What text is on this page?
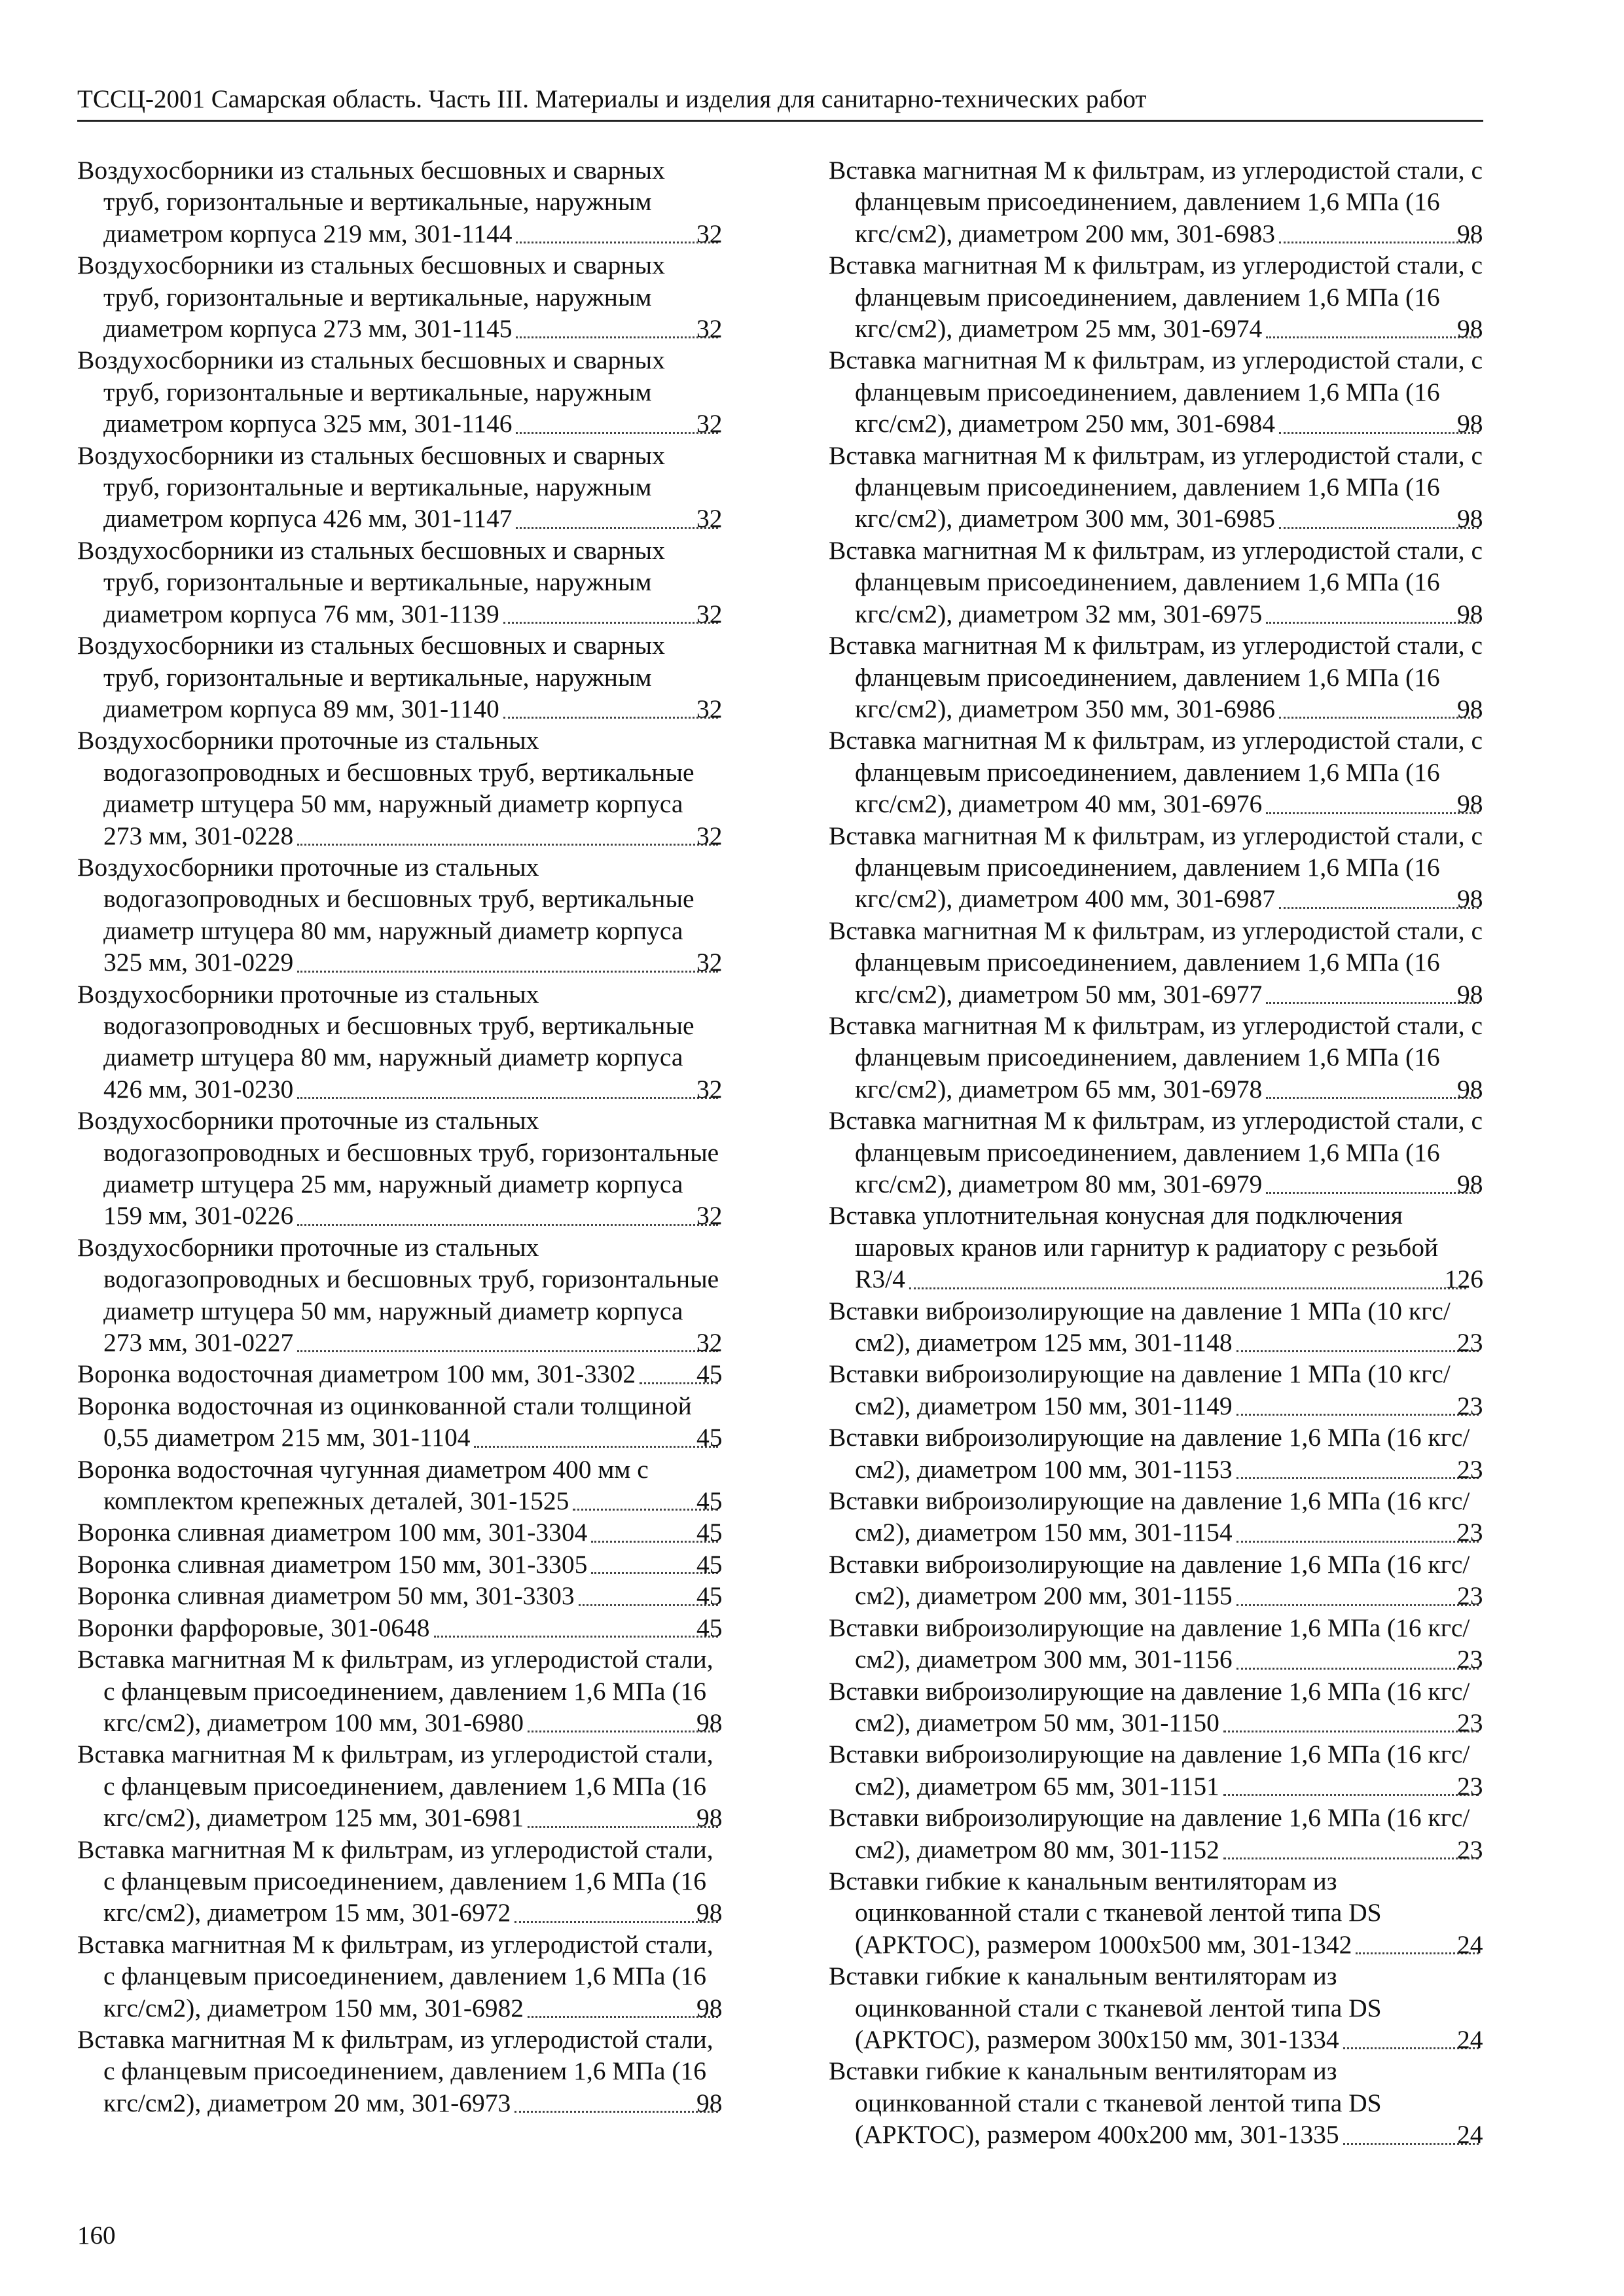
ТССЦ-2001 Самарская область. Часть III. Материалы и изделия для санитарно-технических работ

Воздухосборники из стальных бесшовных и сварных труб, горизонтальные и вертикальные, наружным диаметром корпуса 219 мм, 301-1144	32

Воздухосборники из стальных бесшовных и сварных труб, горизонтальные и вертикальные, наружным диаметром корпуса 273 мм, 301-1145	32

Воздухосборники из стальных бесшовных и сварных труб, горизонтальные и вертикальные, наружным диаметром корпуса 325 мм, 301-1146	32

Воздухосборники из стальных бесшовных и сварных труб, горизонтальные и вертикальные, наружным диаметром корпуса 426 мм, 301-1147	32

Воздухосборники из стальных бесшовных и сварных труб, горизонтальные и вертикальные, наружным диаметром корпуса 76 мм, 301-1139	32

Воздухосборники из стальных бесшовных и сварных труб, горизонтальные и вертикальные, наружным диаметром корпуса 89 мм, 301-1140	32

Воздухосборники проточные из стальных водогазопроводных и бесшовных труб, вертикальные диаметр штуцера 50 мм, наружный диаметр корпуса 273 мм, 301-0228	32

Воздухосборники проточные из стальных водогазопроводных и бесшовных труб, вертикальные диаметр штуцера 80 мм, наружный диаметр корпуса 325 мм, 301-0229	32

Воздухосборники проточные из стальных водогазопроводных и бесшовных труб, вертикальные диаметр штуцера 80 мм, наружный диаметр корпуса 426 мм, 301-0230	32

Воздухосборники проточные из стальных водогазопроводных и бесшовных труб, горизонтальные диаметр штуцера 25 мм, наружный диаметр корпуса 159 мм, 301-0226	32

Воздухосборники проточные из стальных водогазопроводных и бесшовных труб, горизонтальные диаметр штуцера 50 мм, наружный диаметр корпуса 273 мм, 301-0227	32

Воронка водосточная диаметром 100 мм, 301-3302 45

Воронка водосточная из оцинкованной стали толщиной 0,55 диаметром 215 мм, 301-1104	45

Воронка водосточная чугунная диаметром 400 мм с комплектом крепежных деталей, 301-1525	45

Воронка сливная диаметром 100 мм, 301-3304	45

Воронка сливная диаметром 150 мм, 301-3305	45

Воронка сливная диаметром 50 мм, 301-3303	45

Воронки фарфоровые, 301-0648	45

Вставка магнитная М к фильтрам, из углеродистой стали, с фланцевым присоединением, давлением 1,6 МПа (16 кгс/см2), диаметром 100 мм, 301-6980	98

Вставка магнитная М к фильтрам, из углеродистой стали, с фланцевым присоединением, давлением 1,6 МПа (16 кгс/см2), диаметром 125 мм, 301-6981	98

Вставка магнитная М к фильтрам, из углеродистой стали, с фланцевым присоединением, давлением 1,6 МПа (16 кгс/см2), диаметром 15 мм, 301-6972	98

Вставка магнитная М к фильтрам, из углеродистой стали, с фланцевым присоединением, давлением 1,6 МПа (16 кгс/см2), диаметром 150 мм, 301-6982	98

Вставка магнитная М к фильтрам, из углеродистой стали, с фланцевым присоединением, давлением 1,6 МПа (16 кгс/см2), диаметром 20 мм, 301-6973	98

Вставка магнитная М к фильтрам, из углеродистой стали, с фланцевым присоединением, давлением 1,6 МПа (16 кгс/см2), диаметром 200 мм, 301-6983	98

Вставка магнитная М к фильтрам, из углеродистой стали, с фланцевым присоединением, давлением 1,6 МПа (16 кгс/см2), диаметром 25 мм, 301-6974	98

Вставка магнитная М к фильтрам, из углеродистой стали, с фланцевым присоединением, давлением 1,6 МПа (16 кгс/см2), диаметром 250 мм, 301-6984	98

Вставка магнитная М к фильтрам, из углеродистой стали, с фланцевым присоединением, давлением 1,6 МПа (16 кгс/см2), диаметром 300 мм, 301-6985	98

Вставка магнитная М к фильтрам, из углеродистой стали, с фланцевым присоединением, давлением 1,6 МПа (16 кгс/см2), диаметром 32 мм, 301-6975	98

Вставка магнитная М к фильтрам, из углеродистой стали, с фланцевым присоединением, давлением 1,6 МПа (16 кгс/см2), диаметром 350 мм, 301-6986	98

Вставка магнитная М к фильтрам, из углеродистой стали, с фланцевым присоединением, давлением 1,6 МПа (16 кгс/см2), диаметром 40 мм, 301-6976	98

Вставка магнитная М к фильтрам, из углеродистой стали, с фланцевым присоединением, давлением 1,6 МПа (16 кгс/см2), диаметром 400 мм, 301-6987	98

Вставка магнитная М к фильтрам, из углеродистой стали, с фланцевым присоединением, давлением 1,6 МПа (16 кгс/см2), диаметром 50 мм, 301-6977	98

Вставка магнитная М к фильтрам, из углеродистой стали, с фланцевым присоединением, давлением 1,6 МПа (16 кгс/см2), диаметром 65 мм, 301-6978	98

Вставка магнитная М к фильтрам, из углеродистой стали, с фланцевым присоединением, давлением 1,6 МПа (16 кгс/см2), диаметром 80 мм, 301-6979	98

Вставка уплотнительная конусная для подключения шаровых кранов или гарнитур к радиатору с резьбой R3/4	126

Вставки виброизолирующие на давление 1 МПа (10 кгс/см2), диаметром 125 мм, 301-1148	23

Вставки виброизолирующие на давление 1 МПа (10 кгс/см2), диаметром 150 мм, 301-1149	23

Вставки виброизолирующие на давление 1,6 МПа (16 кгс/см2), диаметром 100 мм, 301-1153	23

Вставки виброизолирующие на давление 1,6 МПа (16 кгс/см2), диаметром 150 мм, 301-1154	23

Вставки виброизолирующие на давление 1,6 МПа (16 кгс/см2), диаметром 200 мм, 301-1155	23

Вставки виброизолирующие на давление 1,6 МПа (16 кгс/см2), диаметром 300 мм, 301-1156	23

Вставки виброизолирующие на давление 1,6 МПа (16 кгс/см2), диаметром 50 мм, 301-1150	23

Вставки виброизолирующие на давление 1,6 МПа (16 кгс/см2), диаметром 65 мм, 301-1151	23

Вставки виброизолирующие на давление 1,6 МПа (16 кгс/см2), диаметром 80 мм, 301-1152	23

Вставки гибкие к канальным вентиляторам из оцинкованной стали с тканевой лентой типа DS (АРКТОС), размером 1000х500 мм, 301-1342	24

Вставки гибкие к канальным вентиляторам из оцинкованной стали с тканевой лентой типа DS (АРКТОС), размером 300х150 мм, 301-1334	24

Вставки гибкие к канальным вентиляторам из оцинкованной стали с тканевой лентой типа DS (АРКТОС), размером 400х200 мм, 301-1335	24

160
